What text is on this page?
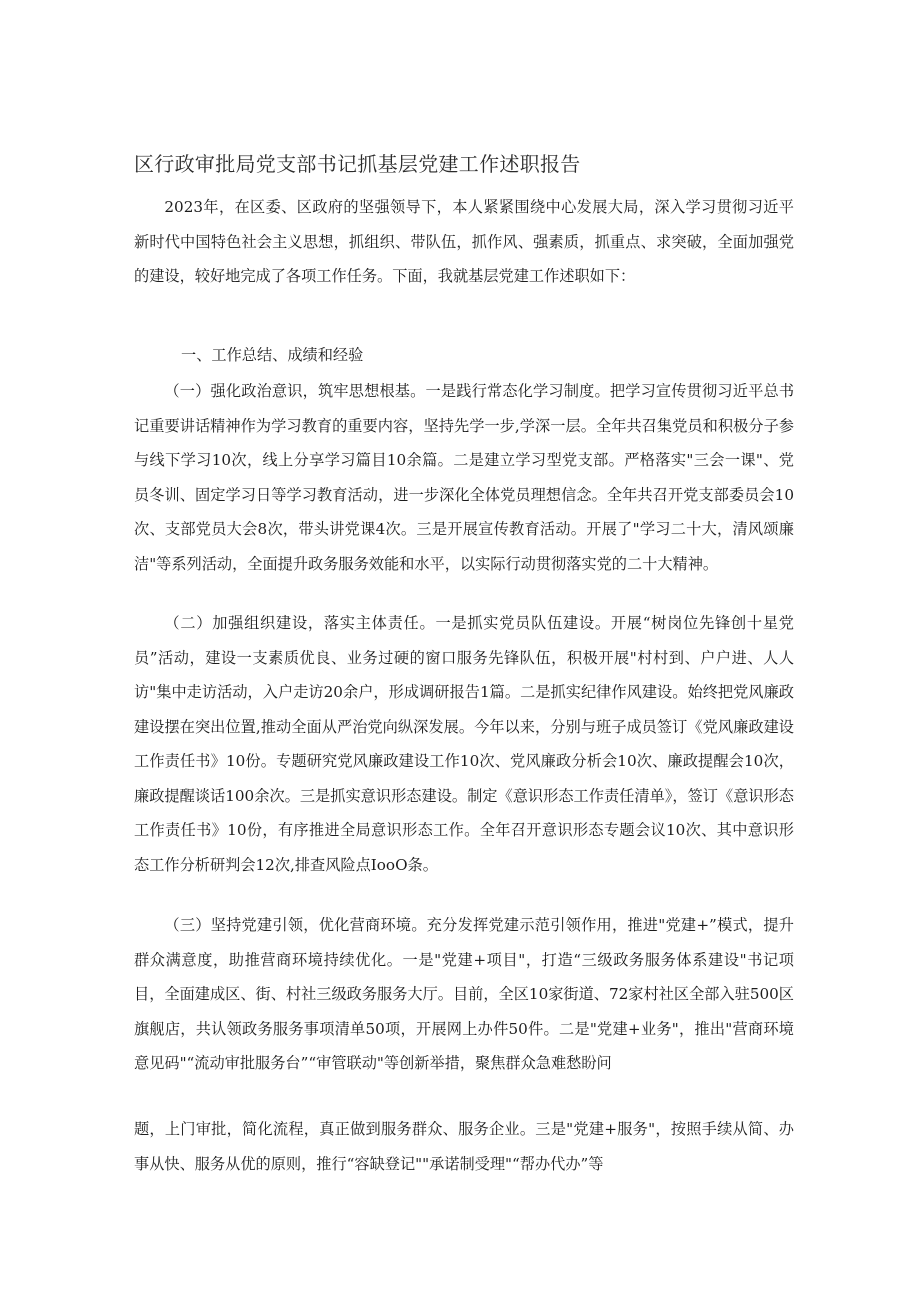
区行政审批局党支部书记抓基层党建工作述职报告
2023年，在区委、区政府的坚强领导下，本人紧紧围绕中心发展大局，深入学习贯彻习近平新时代中国特色社会主义思想，抓组织、带队伍，抓作风、强素质，抓重点、求突破，全面加强党的建设，较好地完成了各项工作任务。下面，我就基层党建工作述职如下：
一、工作总结、成绩和经验
（一）强化政治意识，筑牢思想根基。一是践行常态化学习制度。把学习宣传贯彻习近平总书记重要讲话精神作为学习教育的重要内容，坚持先学一步,学深一层。全年共召集党员和积极分子参与线下学习10次，线上分享学习篇目10余篇。二是建立学习型党支部。严格落实"三会一课"、党员冬训、固定学习日等学习教育活动，进一步深化全体党员理想信念。全年共召开党支部委员会10次、支部党员大会8次，带头讲党课4次。三是开展宣传教育活动。开展了"学习二十大，清风颂廉洁"等系列活动，全面提升政务服务效能和水平，以实际行动贯彻落实党的二十大精神。
（二）加强组织建设，落实主体责任。一是抓实党员队伍建设。开展“树岗位先锋创十星党员”活动，建设一支素质优良、业务过硬的窗口服务先锋队伍，积极开展"村村到、户户进、人人访"集中走访活动，入户走访20余户，形成调研报告1篇。二是抓实纪律作风建设。始终把党风廉政建设摆在突出位置,推动全面从严治党向纵深发展。今年以来，分别与班子成员签订《党风廉政建设工作责任书》10份。专题研究党风廉政建设工作10次、党风廉政分析会10次、廉政提醒会10次，廉政提醒谈话100余次。三是抓实意识形态建设。制定《意识形态工作责任清单》，签订《意识形态工作责任书》10份，有序推进全局意识形态工作。全年召开意识形态专题会议10次、其中意识形态工作分析研判会12次,排查风险点IooO条。
（三）坚持党建引领，优化营商环境。充分发挥党建示范引领作用，推进"党建+”模式，提升群众满意度，助推营商环境持续优化。一是"党建+项目"，打造“三级政务服务体系建设"书记项目，全面建成区、街、村社三级政务服务大厅。目前，全区10家街道、72家村社区全部入驻500区旗舰店，共认领政务服务事项清单50项，开展网上办件50件。二是"党建+业务"，推出"营商环境意见码"“流动审批服务台”“审管联动"等创新举措，聚焦群众急难愁盼问
题，上门审批，简化流程，真正做到服务群众、服务企业。三是"党建+服务"，按照手续从简、办事从快、服务从优的原则，推行“容缺登记""承诺制受理"“帮办代办”等
